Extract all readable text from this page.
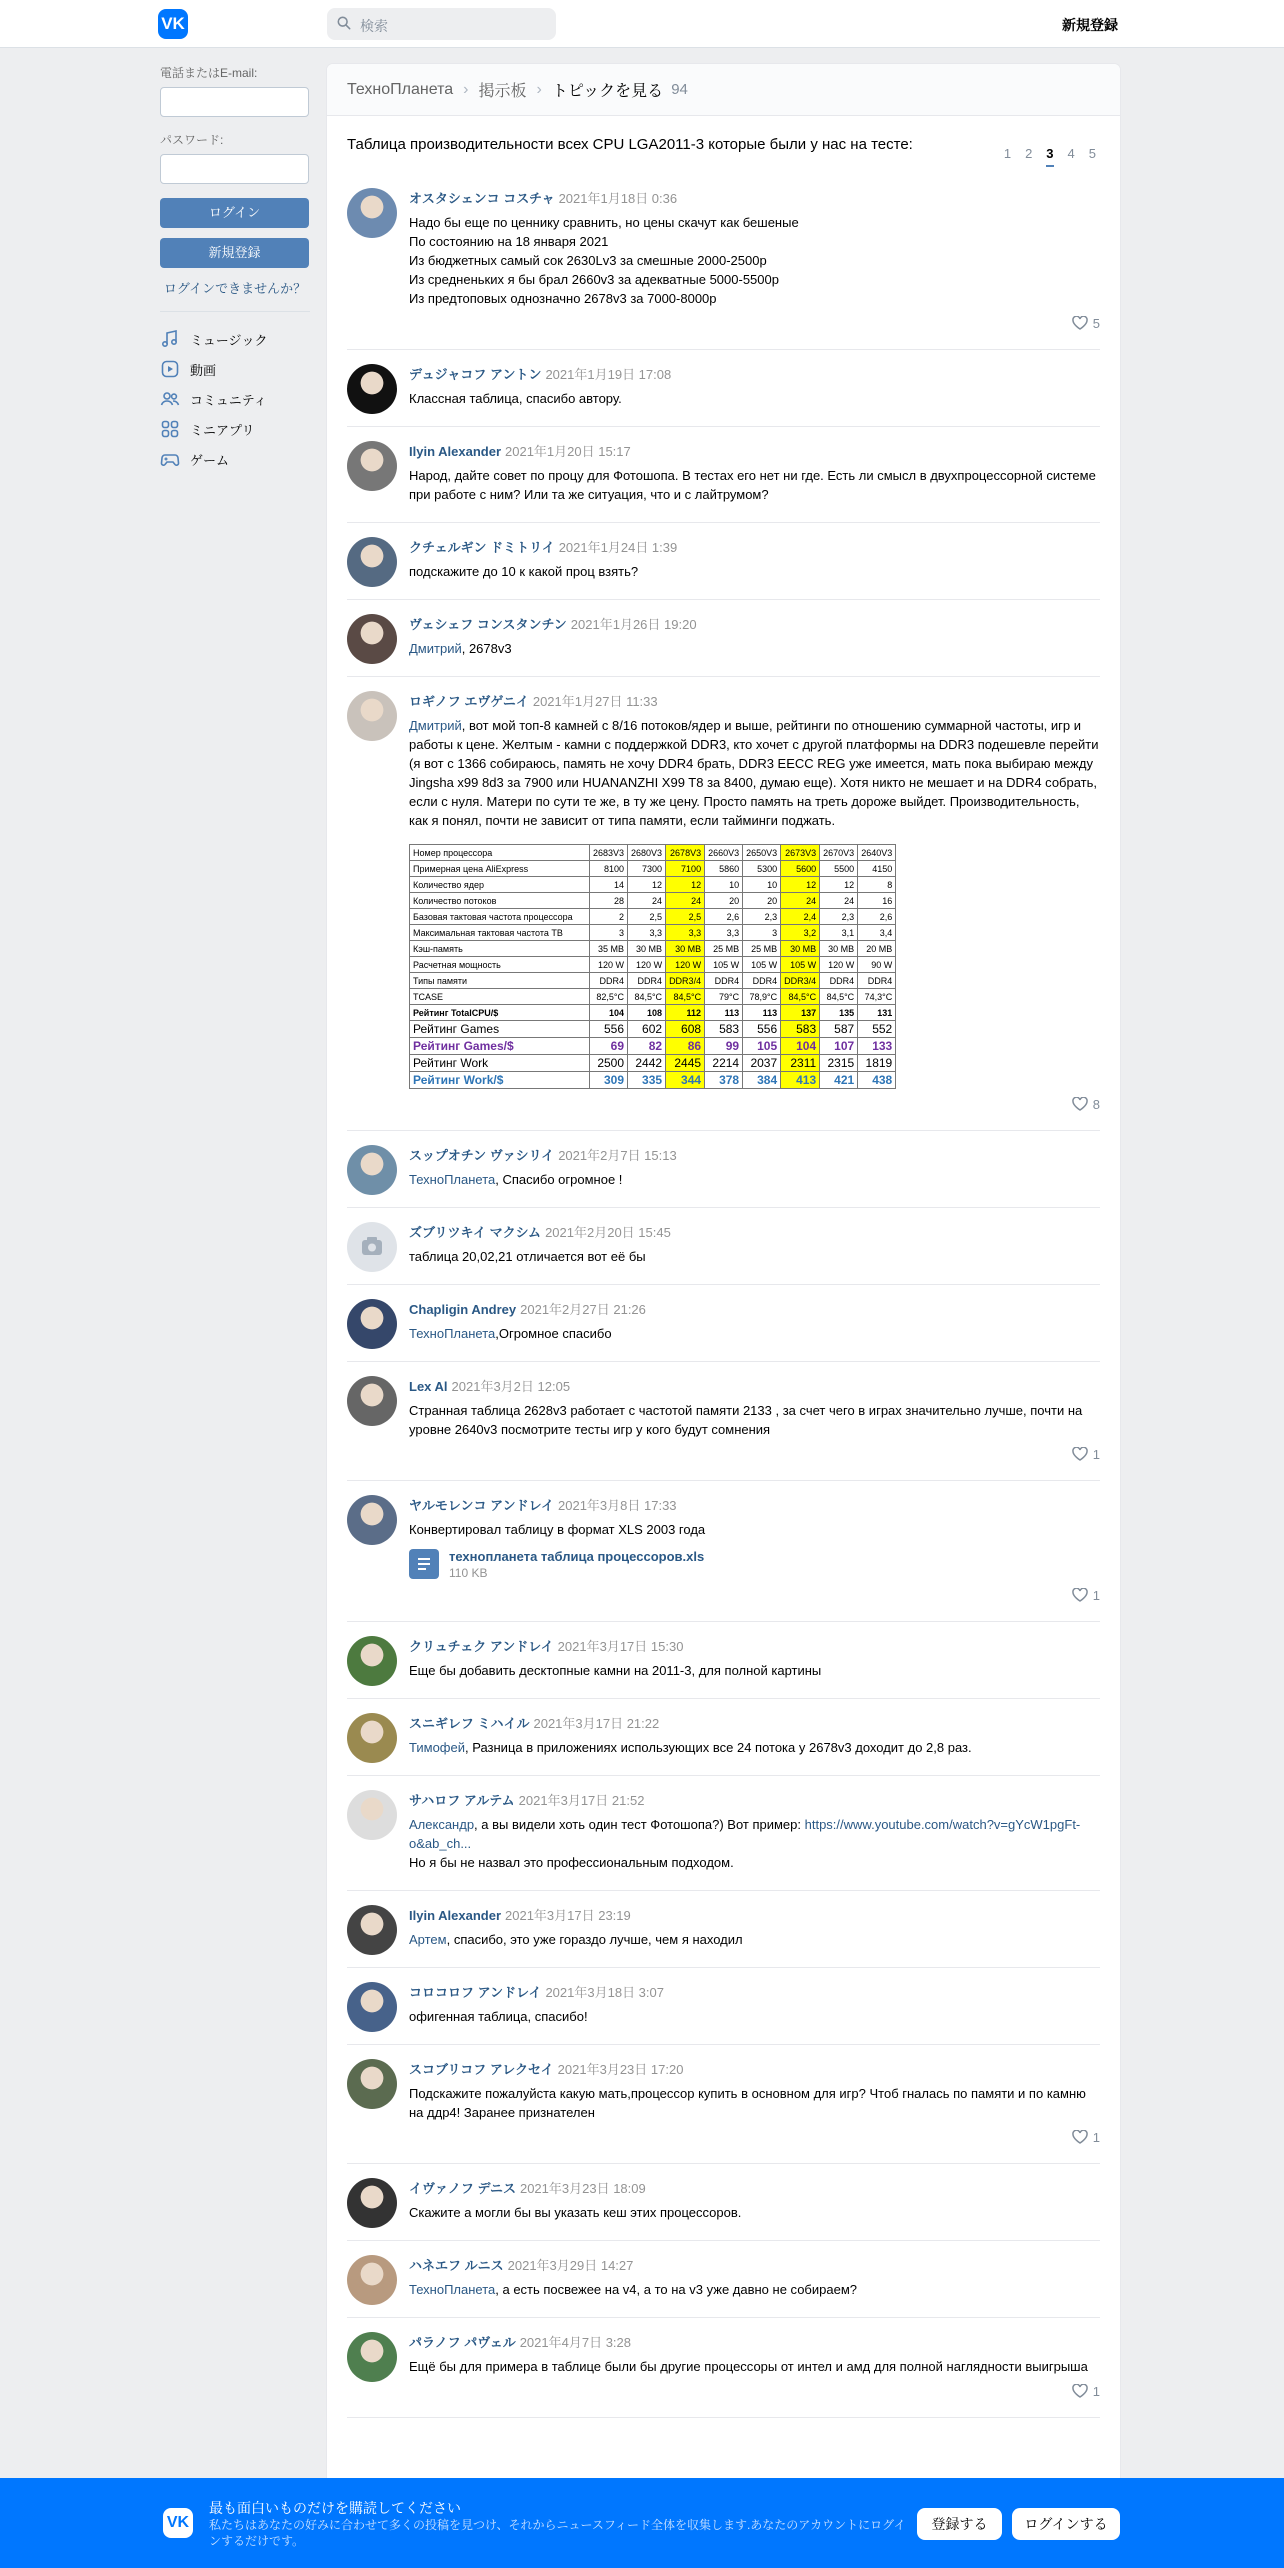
VK	検索	新規登録
電話またはE-mail:
パスワード:
ログイン
新規登録
ログインできませんか？
ミュージック
動画
コミュニティ
ミニアプリ
ゲーム
ТехноПланета › 掲示板 › トピックを見る 94
Таблица производительности всех CPU LGA2011-3 которые были у нас на тесте:
1 2 3 4 5
オスタシェンコ コスチャ 2021年1月18日 0:36
Надо бы еще по ценнику сравнить, но цены скачут как бешеные
По состоянию на 18 января 2021
Из бюджетных самый сок 2630Lv3 за смешные 2000-2500р
Из средненьких я бы брал 2660v3 за адекватные 5000-5500р
Из предтоповых однозначно 2678v3 за 7000-8000р
5
デュジャコフ アントン 2021年1月19日 17:08
Классная таблица, спасибо автору.
Ilyin Alexander 2021年1月20日 15:17
Народ, дайте совет по процу для Фотошопа. В тестах его нет ни где. Есть ли смысл в двухпроцессорной системе при работе с ним? Или та же ситуация, что и с лайтрумом?
クチェルギン ドミトリイ 2021年1月24日 1:39
подскажите до 10 к какой проц взять?
ヴェシェフ コンスタンチン 2021年1月26日 19:20
Дмитрий, 2678v3
ロギノフ エヴゲニイ 2021年1月27日 11:33
Дмитрий, вот мой топ-8 камней с 8/16 потоков/ядер и выше, рейтинги по отношению суммарной частоты, игр и работы к цене. Желтым - камни с поддержкой DDR3, кто хочет с другой платформы на DDR3 подешевле перейти (я вот с 1366 собираюсь, память не хочу DDR4 брать, DDR3 EECC REG уже имеется, мать пока выбираю между Jingsha x99 8d3 за 7900 или HUANANZHI X99 T8 за 8400, думаю еще). Хотя никто не мешает и на DDR4 собрать, если с нуля. Матери по сути те же, в ту же цену. Просто память на треть дороже выйдет. Производительность, как я понял, почти не зависит от типа памяти, если тайминги поджать.
Номер процессора	2683V3	2680V3	2678V3	2660V3	2650V3	2673V3	2670V3	2640V3
Примерная цена AliExpress	8100	7300	7100	5860	5300	5600	5500	4150
Количество ядер	14	12	12	10	10	12	12	8
Количество потоков	28	24	24	20	20	24	24	16
Базовая тактовая частота процессора	2	2,5	2,5	2,6	2,3	2,4	2,3	2,6
Максимальная тактовая частота TB	3	3,3	3,3	3,3	3	3,2	3,1	3,4
Кэш-память	35 MB	30 MB	30 MB	25 MB	25 MB	30 MB	30 MB	20 MB
Расчетная мощность	120 W	120 W	120 W	105 W	105 W	105 W	120 W	90 W
Типы памяти	DDR4	DDR4	DDR3/4	DDR4	DDR4	DDR3/4	DDR4	DDR4
TCASE	82,5°C	84,5°C	84,5°C	79°C	78,9°C	84,5°C	84,5°C	74,3°C
Рейтинг TotalCPU/$	104	108	112	113	113	137	135	131
Рейтинг Games	556	602	608	583	556	583	587	552
Рейтинг Games/$	69	82	86	99	105	104	107	133
Рейтинг Work	2500	2442	2445	2214	2037	2311	2315	1819
Рейтинг Work/$	309	335	344	378	384	413	421	438
8
スップオチン ヴァシリイ 2021年2月7日 15:13
ТехноПланета, Спасибо огромное !
ズブリツキイ マクシム 2021年2月20日 15:45
таблица 20,02,21 отличается вот её бы
Chapligin Andrey 2021年2月27日 21:26
ТехноПланета,Огромное спасибо
Lex Al 2021年3月2日 12:05
Странная таблица 2628v3 работает с частотой памяти 2133 , за счет чего в играх значительно лучше, почти на уровне 2640v3 посмотрите тесты игр у кого будут сомнения
1
ヤルモレンコ アンドレイ 2021年3月8日 17:33
Конвертировал таблицу в формат XLS 2003 года
технопланета таблица процессоров.xls
110 KB
1
クリュチェク アンドレイ 2021年3月17日 15:30
Еще бы добавить десктопные камни на 2011-3, для полной картины
スニギレフ ミハイル 2021年3月17日 21:22
Тимофей, Разница в приложениях использующих все 24 потока у 2678v3 доходит до 2,8 раз.
サハロフ アルテム 2021年3月17日 21:52
Александр, а вы видели хоть один тест Фотошопа?) Вот пример: https://www.youtube.com/watch?v=gYcW1pgFt-o&ab_ch...
Но я бы не назвал это профессиональным подходом.
Ilyin Alexander 2021年3月17日 23:19
Артем, спасибо, это уже гораздо лучше, чем я находил
コロコロフ アンドレイ 2021年3月18日 3:07
офигенная таблица, спасибо!
スコブリコフ アレクセイ 2021年3月23日 17:20
Подскажите пожалуйста какую мать,процессор купить в основном для игр? Чтоб гналась по памяти и по камню на ддр4! Заранее признателен
1
イヴァノフ デニス 2021年3月23日 18:09
Скажите а могли бы вы указать кеш этих процессоров.
ハネエフ ルニス 2021年3月29日 14:27
ТехноПланета, а есть посвежее на v4, а то на v3 уже давно не собираем?
パラノフ パヴェル 2021年4月7日 3:28
Ещё бы для примера в таблице были бы другие процессоры от интел и амд для полной наглядности выигрыша
1
VK
最も面白いものだけを購読してください
私たちはあなたの好みに合わせて多くの投稿を見つけ、それからニュースフィード全体を収集します.あなたのアカウントにログインするだけです。
登録する	ログインする
